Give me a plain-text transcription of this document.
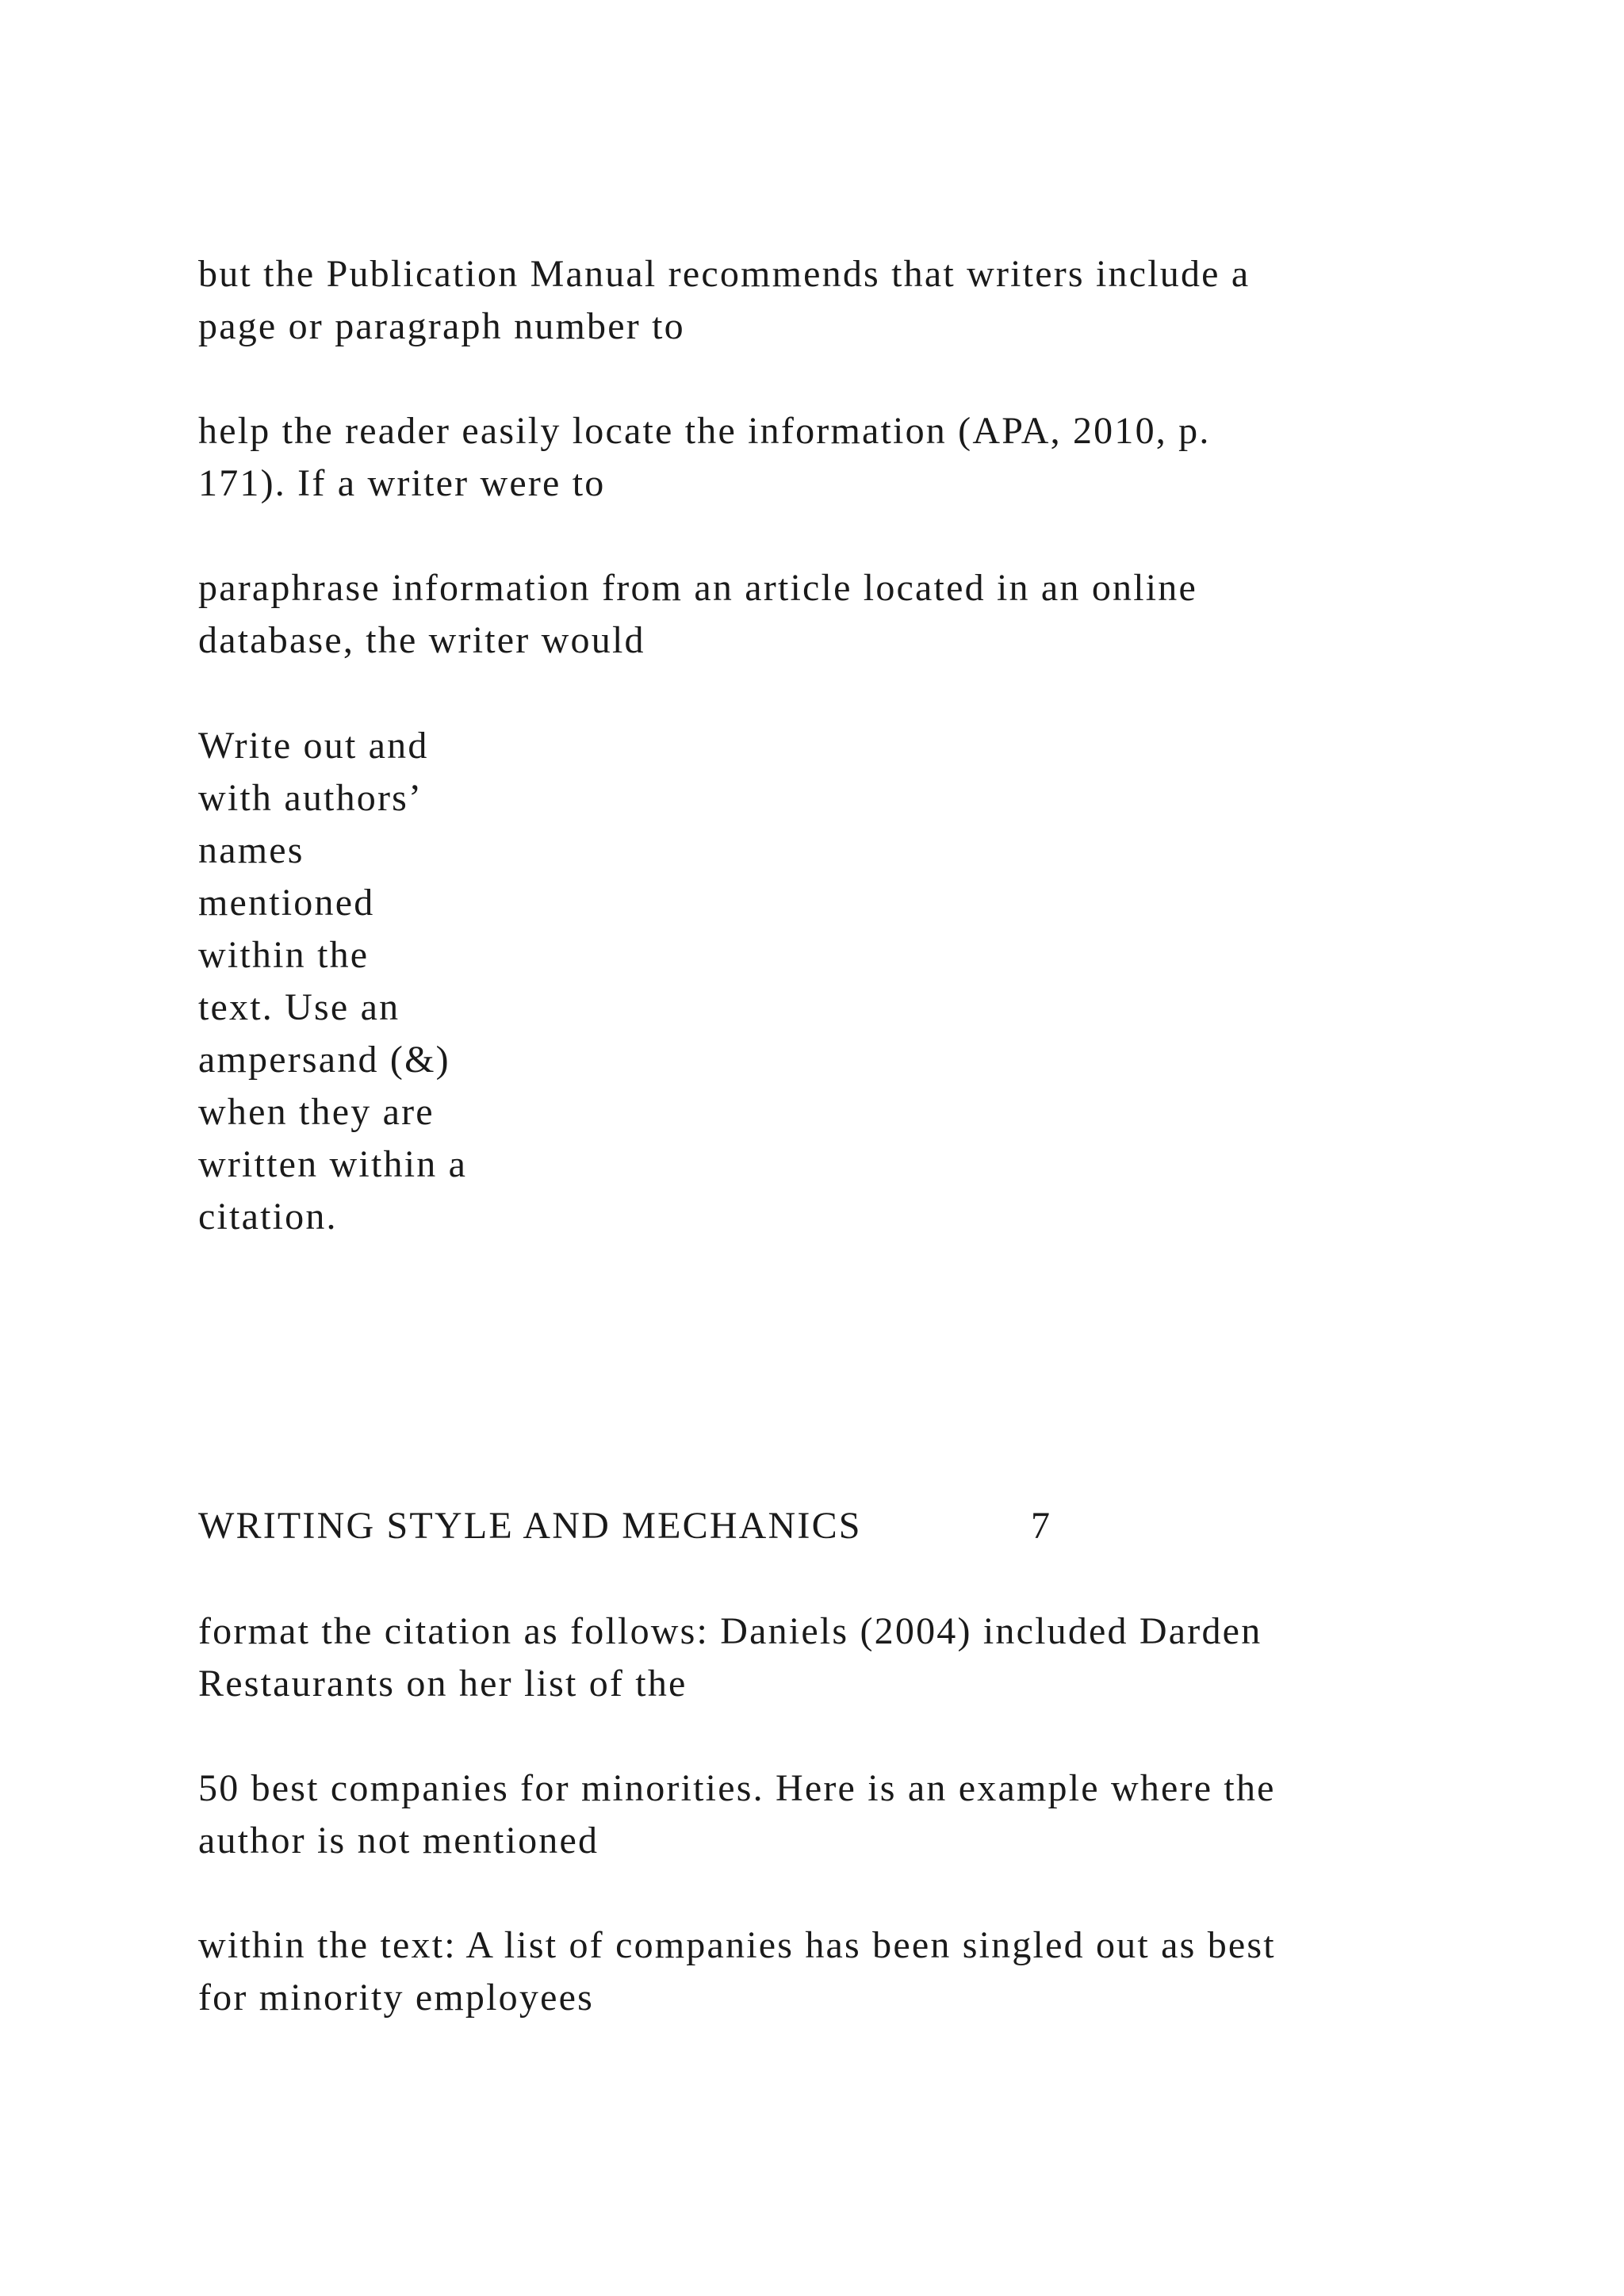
but the Publication Manual recommends that writers include a

page or paragraph number to

help the reader easily locate the information (APA, 2010, p.

171). If a writer were to

paraphrase information from an article located in an online

database, the writer would

Write out and
with authors’
names
mentioned
within the
text. Use an
ampersand (&)
when they are
written within a
citation.
WRITING STYLE AND MECHANICS	7

format the citation as follows: Daniels (2004) included Darden

Restaurants on her list of the

50 best companies for minorities. Here is an example where the

author is not mentioned

within the text: A list of companies has been singled out as best

for minority employees
